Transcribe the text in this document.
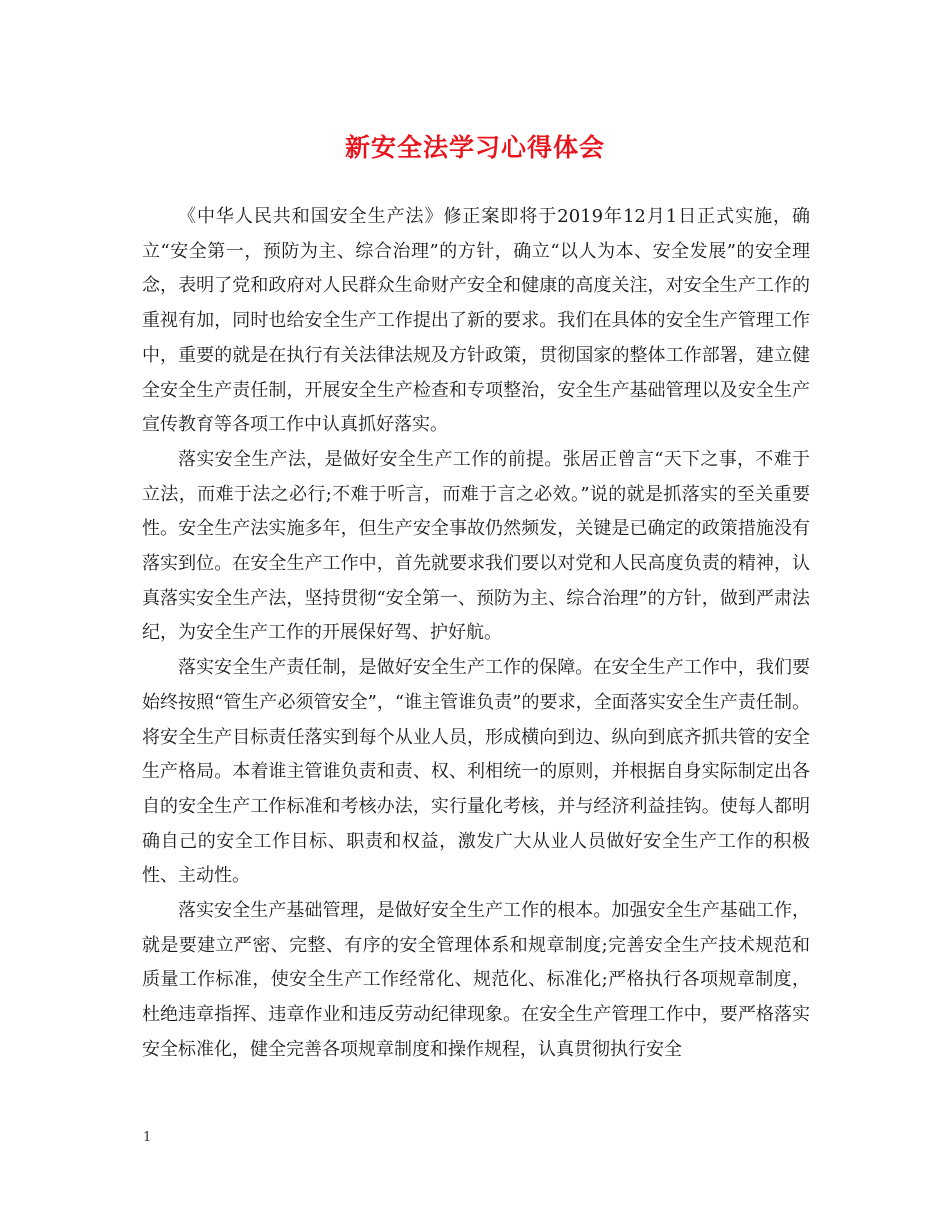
新安全法学习心得体会

《中华人民共和国安全生产法》修正案即将于2019年12月1日正式实施，确立“安全第一，预防为主、综合治理”的方针，确立“以人为本、安全发展”的安全理念，表明了党和政府对人民群众生命财产安全和健康的高度关注，对安全生产工作的重视有加，同时也给安全生产工作提出了新的要求。我们在具体的安全生产管理工作中，重要的就是在执行有关法律法规及方针政策，贯彻国家的整体工作部署，建立健全安全生产责任制，开展安全生产检查和专项整治，安全生产基础管理以及安全生产宣传教育等各项工作中认真抓好落实。

落实安全生产法，是做好安全生产工作的前提。张居正曾言“天下之事，不难于立法，而难于法之必行;不难于听言，而难于言之必效。”说的就是抓落实的至关重要性。安全生产法实施多年，但生产安全事故仍然频发，关键是已确定的政策措施没有落实到位。在安全生产工作中，首先就要求我们要以对党和人民高度负责的精神，认真落实安全生产法，坚持贯彻“安全第一、预防为主、综合治理”的方针，做到严肃法纪，为安全生产工作的开展保好驾、护好航。

落实安全生产责任制，是做好安全生产工作的保障。在安全生产工作中，我们要始终按照“管生产必须管安全”，“谁主管谁负责”的要求，全面落实安全生产责任制。将安全生产目标责任落实到每个从业人员，形成横向到边、纵向到底齐抓共管的安全生产格局。本着谁主管谁负责和责、权、利相统一的原则，并根据自身实际制定出各自的安全生产工作标准和考核办法，实行量化考核，并与经济利益挂钩。使每人都明确自己的安全工作目标、职责和权益，激发广大从业人员做好安全生产工作的积极性、主动性。

落实安全生产基础管理，是做好安全生产工作的根本。加强安全生产基础工作，就是要建立严密、完整、有序的安全管理体系和规章制度;完善安全生产技术规范和质量工作标准，使安全生产工作经常化、规范化、标准化;严格执行各项规章制度，杜绝违章指挥、违章作业和违反劳动纪律现象。在安全生产管理工作中，要严格落实安全标准化，健全完善各项规章制度和操作规程，认真贯彻执行安全

1
